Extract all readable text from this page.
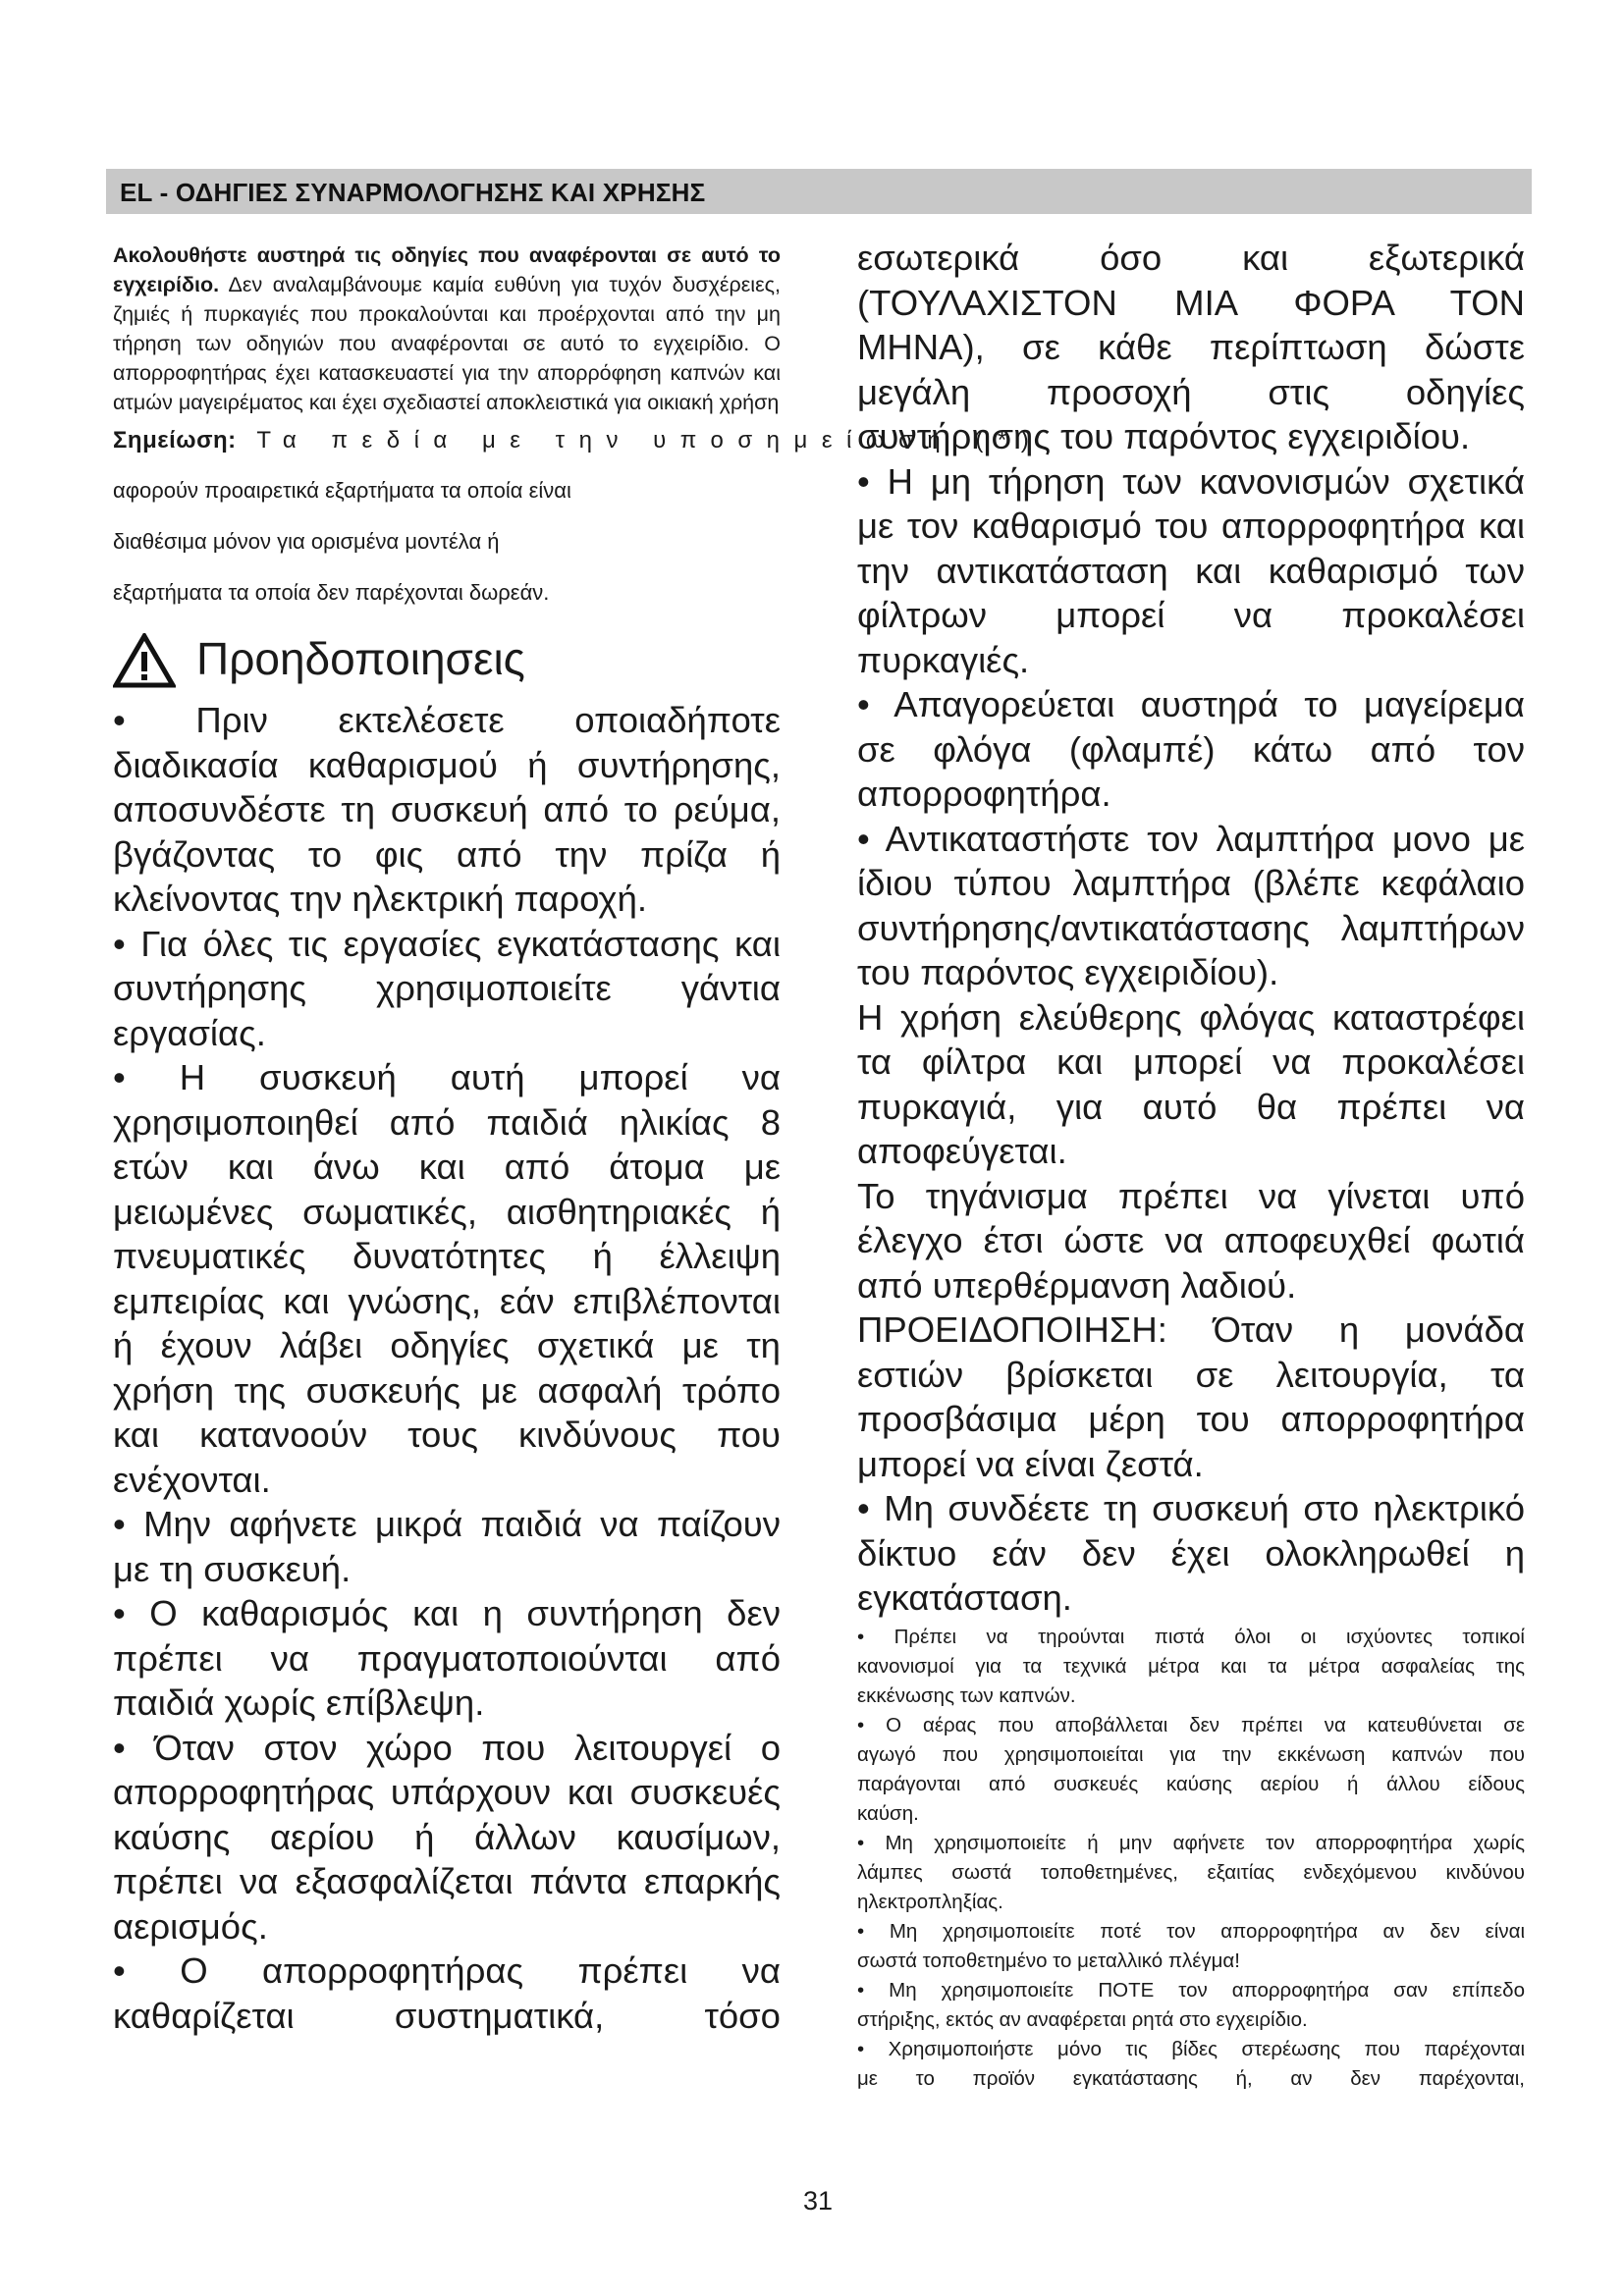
EL - ΟΔΗΓΙΕΣ ΣΥΝΑΡΜΟΛΟΓΗΣΗΣ ΚΑΙ ΧΡΗΣΗΣ

Ακολουθήστε αυστηρά τις οδηγίες που αναφέρονται σε αυτό το εγχειρίδιο. Δεν αναλαμβάνουμε καμία ευθύνη για τυχόν δυσχέρειες, ζημιές ή πυρκαγιές που προκαλούνται και προέρχονται από την μη τήρηση των οδηγιών που αναφέρονται σε αυτό το εγχειρίδιο. Ο απορροφητήρας έχει κατασκευαστεί για την απορρόφηση καπνών και ατμών μαγειρέματος και έχει σχεδιαστεί αποκλειστικά για οικιακή χρήση

Σημείωση: Τα πεδία με την υποσημείωση (*)

αφορούν προαιρετικά εξαρτήματα τα οποία είναι

διαθέσιμα μόνον για ορισμένα μοντέλα ή

εξαρτήματα τα οποία δεν παρέχονται δωρεάν.

Προηδοποιησεις

• Πριν εκτελέσετε οποιαδήποτε

διαδικασία καθαρισμού ή συντήρησης,

αποσυνδέστε τη συσκευή από το ρεύμα,

βγάζοντας το φις από την πρίζα ή

κλείνοντας την ηλεκτρική παροχή.

• Για όλες τις εργασίες εγκατάστασης και

συντήρησης χρησιμοποιείτε γάντια

εργασίας.

• Η συσκευή αυτή μπορεί να

χρησιμοποιηθεί από παιδιά ηλικίας 8

ετών και άνω και από άτομα με

μειωμένες σωματικές, αισθητηριακές ή

πνευματικές δυνατότητες ή έλλειψη

εμπειρίας και γνώσης, εάν επιβλέπονται

ή έχουν λάβει οδηγίες σχετικά με τη

χρήση της συσκευής με ασφαλή τρόπο

και κατανοούν τους κινδύνους που

ενέχονται.

• Μην αφήνετε μικρά παιδιά να παίζουν

με τη συσκευή.

• Ο καθαρισμός και η συντήρηση δεν

πρέπει να πραγματοποιούνται από

παιδιά χωρίς επίβλεψη.

• Όταν στον χώρο που λειτουργεί ο

απορροφητήρας υπάρχουν και συσκευές

καύσης αερίου ή άλλων καυσίμων,

πρέπει να εξασφαλίζεται πάντα επαρκής

αερισμός.

• Ο απορροφητήρας πρέπει να

καθαρίζεται συστηματικά, τόσο

εσωτερικά όσο και εξωτερικά

(ΤΟΥΛΑΧΙΣΤΟΝ ΜΙΑ ΦΟΡΑ ΤΟΝ

ΜΗΝΑ), σε κάθε περίπτωση δώστε

μεγάλη προσοχή στις οδηγίες

συντήρησης του παρόντος εγχειριδίου.

• Η μη τήρηση των κανονισμών σχετικά

με τον καθαρισμό του απορροφητήρα και

την αντικατάσταση και καθαρισμό των

φίλτρων μπορεί να προκαλέσει

πυρκαγιές.

• Απαγορεύεται αυστηρά το μαγείρεμα

σε φλόγα (φλαμπέ) κάτω από τον

απορροφητήρα.

• Αντικαταστήστε τον λαμπτήρα μονο με

ίδιου τύπου λαμπτήρα (βλέπε κεφάλαιο

συντήρησης/αντικατάστασης λαμπτήρων

του παρόντος εγχειριδίου).

Η χρήση ελεύθερης φλόγας καταστρέφει

τα φίλτρα και μπορεί να προκαλέσει

πυρκαγιά, για αυτό θα πρέπει να

αποφεύγεται.

Το τηγάνισμα πρέπει να γίνεται υπό

έλεγχο έτσι ώστε να αποφευχθεί φωτιά

από υπερθέρμανση λαδιού.

ΠΡΟΕΙΔΟΠΟΙΗΣΗ: Όταν η μονάδα

εστιών βρίσκεται σε λειτουργία, τα

προσβάσιμα μέρη του απορροφητήρα

μπορεί να είναι ζεστά.

• Μη συνδέετε τη συσκευή στο ηλεκτρικό

δίκτυο εάν δεν έχει ολοκληρωθεί η

εγκατάσταση.

• Πρέπει να τηρούνται πιστά όλοι οι ισχύοντες τοπικοί

κανονισμοί για τα τεχνικά μέτρα και τα μέτρα ασφαλείας της

εκκένωσης των καπνών.

• Ο αέρας που αποβάλλεται δεν πρέπει να κατευθύνεται σε

αγωγό που χρησιμοποιείται για την εκκένωση καπνών που

παράγονται από συσκευές καύσης αερίου ή άλλου είδους

καύση.

• Μη χρησιμοποιείτε ή μην αφήνετε τον απορροφητήρα χωρίς

λάμπες σωστά τοποθετημένες, εξαιτίας ενδεχόμενου κινδύνου

ηλεκτροπληξίας.

• Μη χρησιμοποιείτε ποτέ τον απορροφητήρα αν δεν είναι

σωστά τοποθετημένο το μεταλλικό πλέγμα!

• Μη χρησιμοποιείτε ΠΟΤΕ τον απορροφητήρα σαν επίπεδο

στήριξης, εκτός αν αναφέρεται ρητά στο εγχειρίδιο.

• Χρησιμοποιήστε μόνο τις βίδες στερέωσης που παρέχονται

με το προϊόν εγκατάστασης ή, αν δεν παρέχονται,

31
